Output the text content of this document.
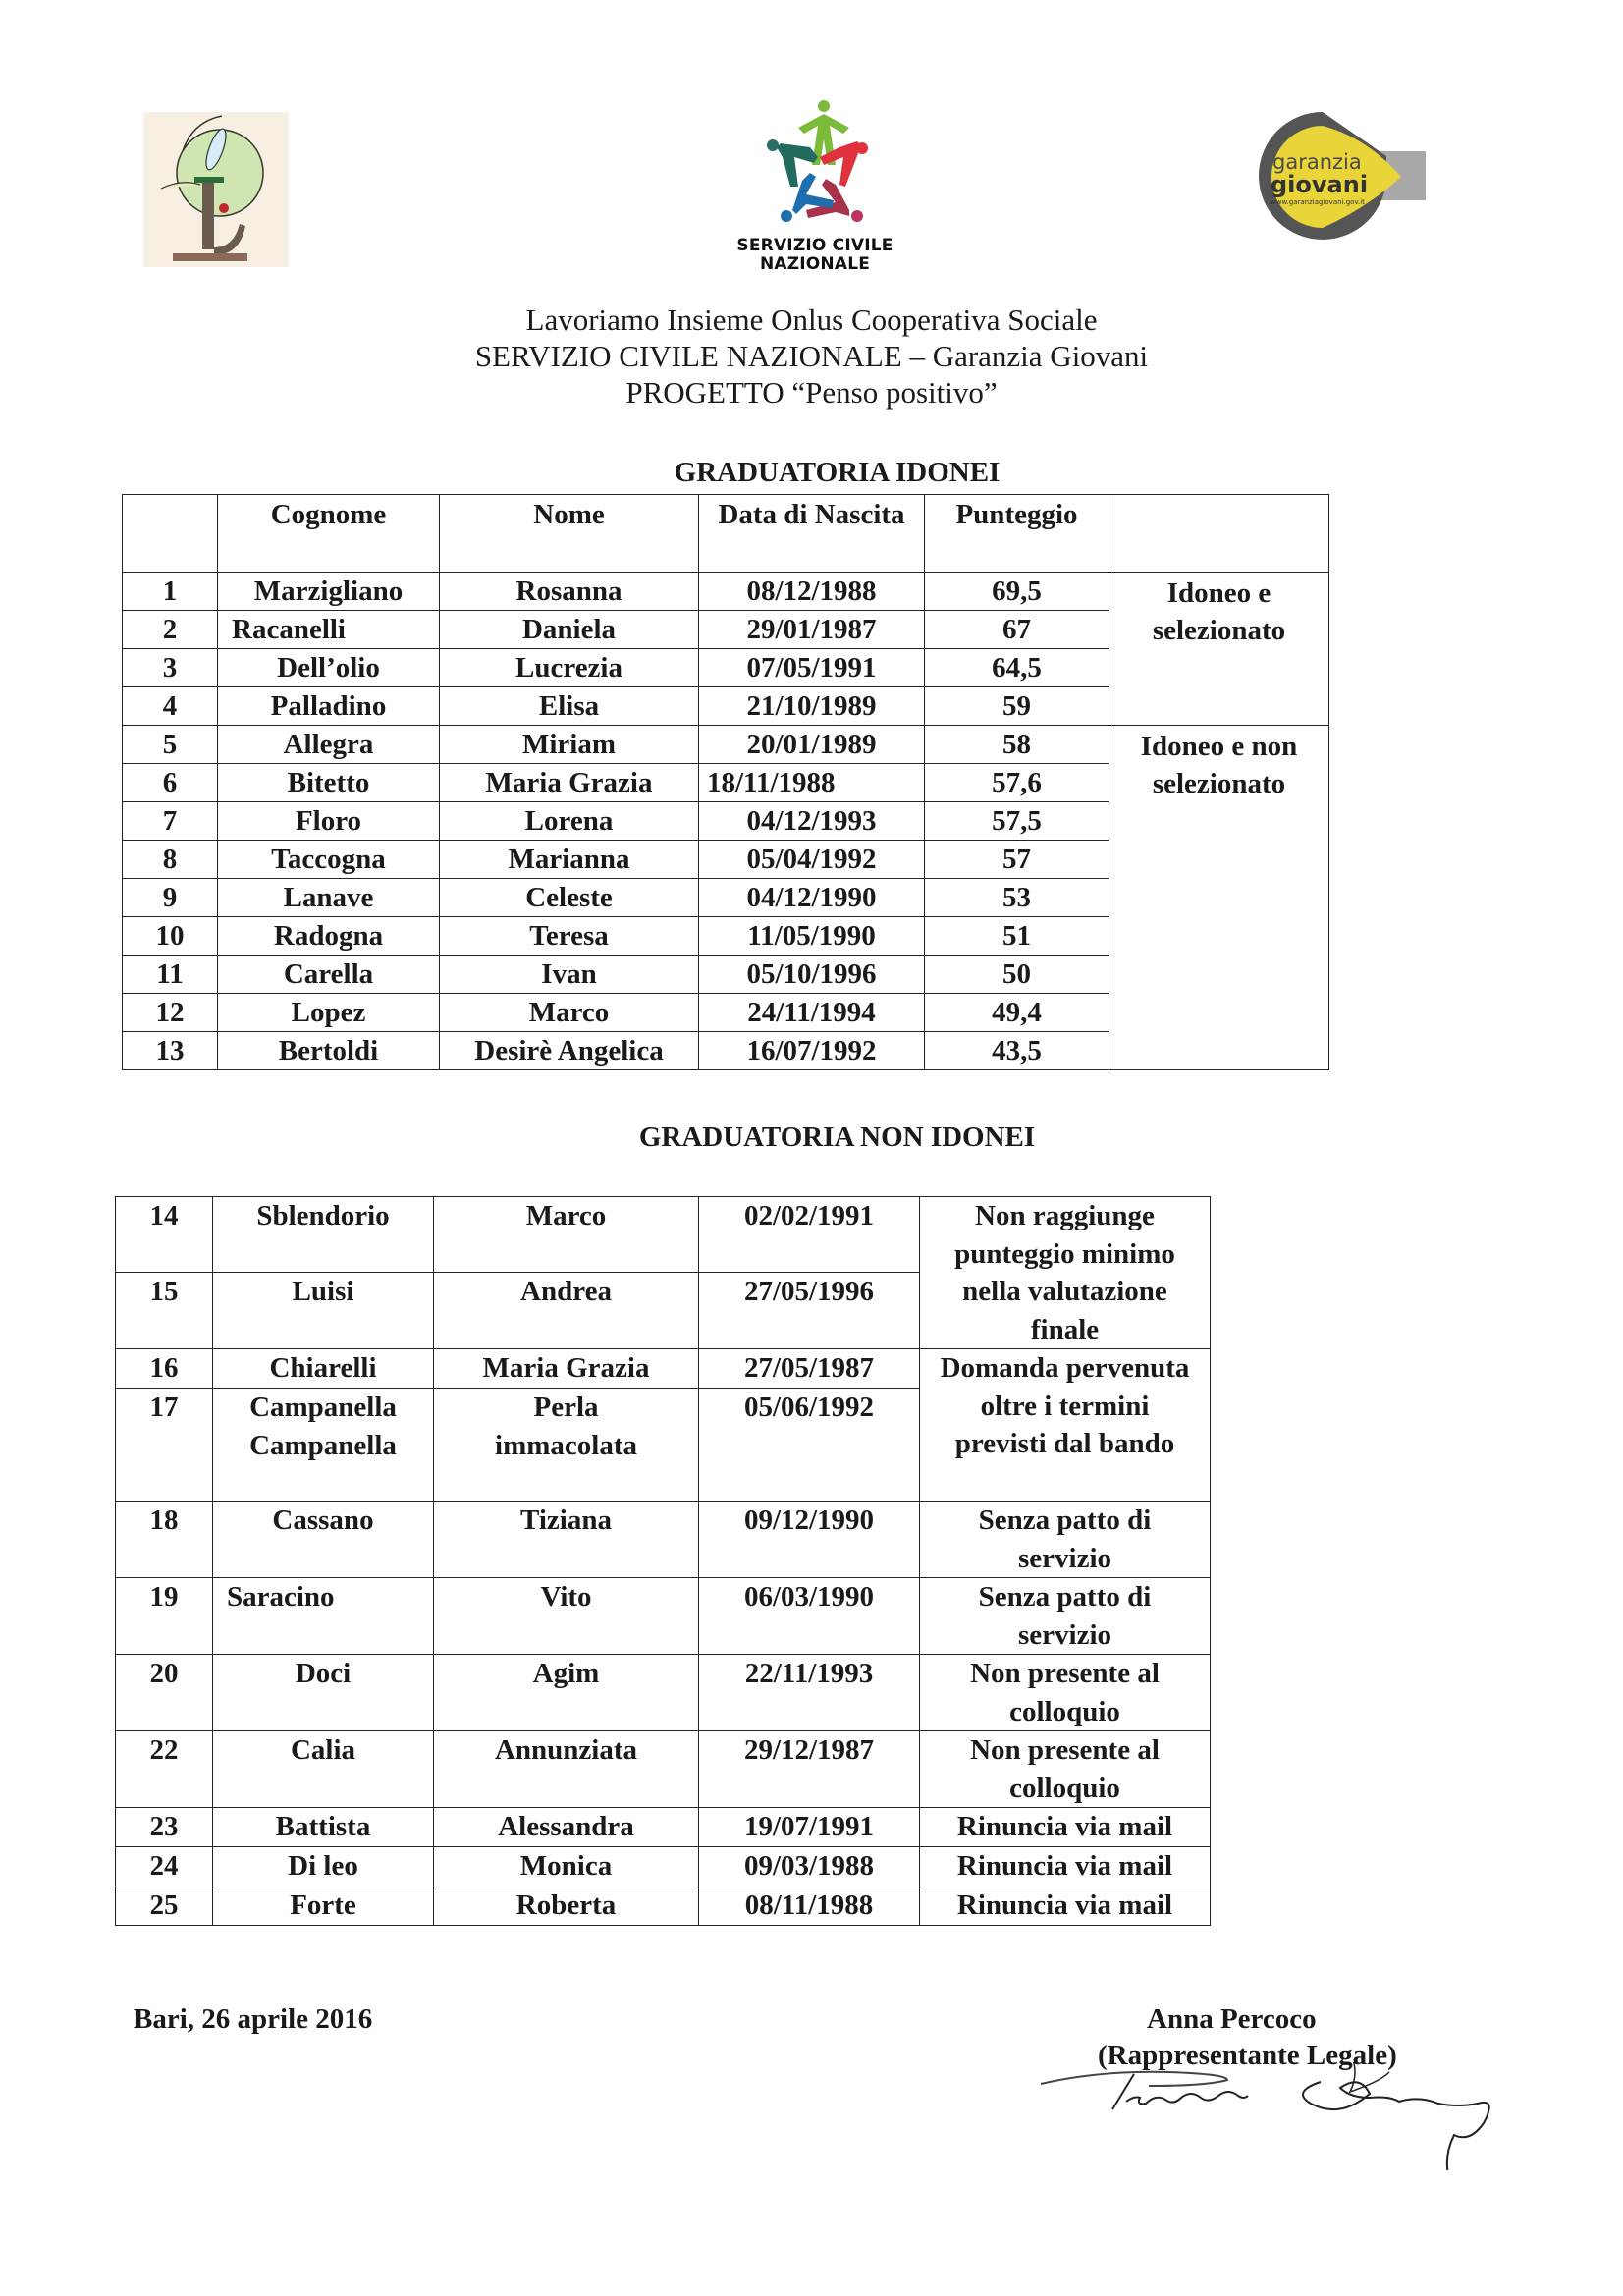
SERVIZIO CIVILE
NAZIONALE
garanzia
giovani
www.garanziagiovani.gov.it
Lavoriamo Insieme Onlus Cooperativa Sociale
SERVIZIO CIVILE NAZIONALE – Garanzia Giovani
PROGETTO “Penso positivo”
GRADUATORIA IDONEI
	Cognome	Nome	Data di Nascita	Punteggio	
1	Marzigliano	Rosanna	08/12/1988	69,5	Idoneo e selezionato
2	Racanelli	Daniela	29/01/1987	67	
3	Dell’olio	Lucrezia	07/05/1991	64,5	
4	Palladino	Elisa	21/10/1989	59	
5	Allegra	Miriam	20/01/1989	58	Idoneo e non selezionato
6	Bitetto	Maria Grazia	18/11/1988	57,6	
7	Floro	Lorena	04/12/1993	57,5	
8	Taccogna	Marianna	05/04/1992	57	
9	Lanave	Celeste	04/12/1990	53	
10	Radogna	Teresa	11/05/1990	51	
11	Carella	Ivan	05/10/1996	50	
12	Lopez	Marco	24/11/1994	49,4	
13	Bertoldi	Desirè Angelica	16/07/1992	43,5	
GRADUATORIA NON IDONEI
14	Sblendorio	Marco	02/02/1991	Non raggiunge punteggio minimo nella valutazione finale
15	Luisi	Andrea	27/05/1996	
16	Chiarelli	Maria Grazia	27/05/1987	Domanda pervenuta oltre i termini previsti dal bando
17	Campanella Campanella	Perla immacolata	05/06/1992	
18	Cassano	Tiziana	09/12/1990	Senza patto di servizio
19	Saracino	Vito	06/03/1990	Senza patto di servizio
20	Doci	Agim	22/11/1993	Non presente al colloquio
22	Calia	Annunziata	29/12/1987	Non presente al colloquio
23	Battista	Alessandra	19/07/1991	Rinuncia via mail
24	Di leo	Monica	09/03/1988	Rinuncia via mail
25	Forte	Roberta	08/11/1988	Rinuncia via mail
Bari, 26 aprile 2016	Anna Percoco
(Rappresentante Legale)
